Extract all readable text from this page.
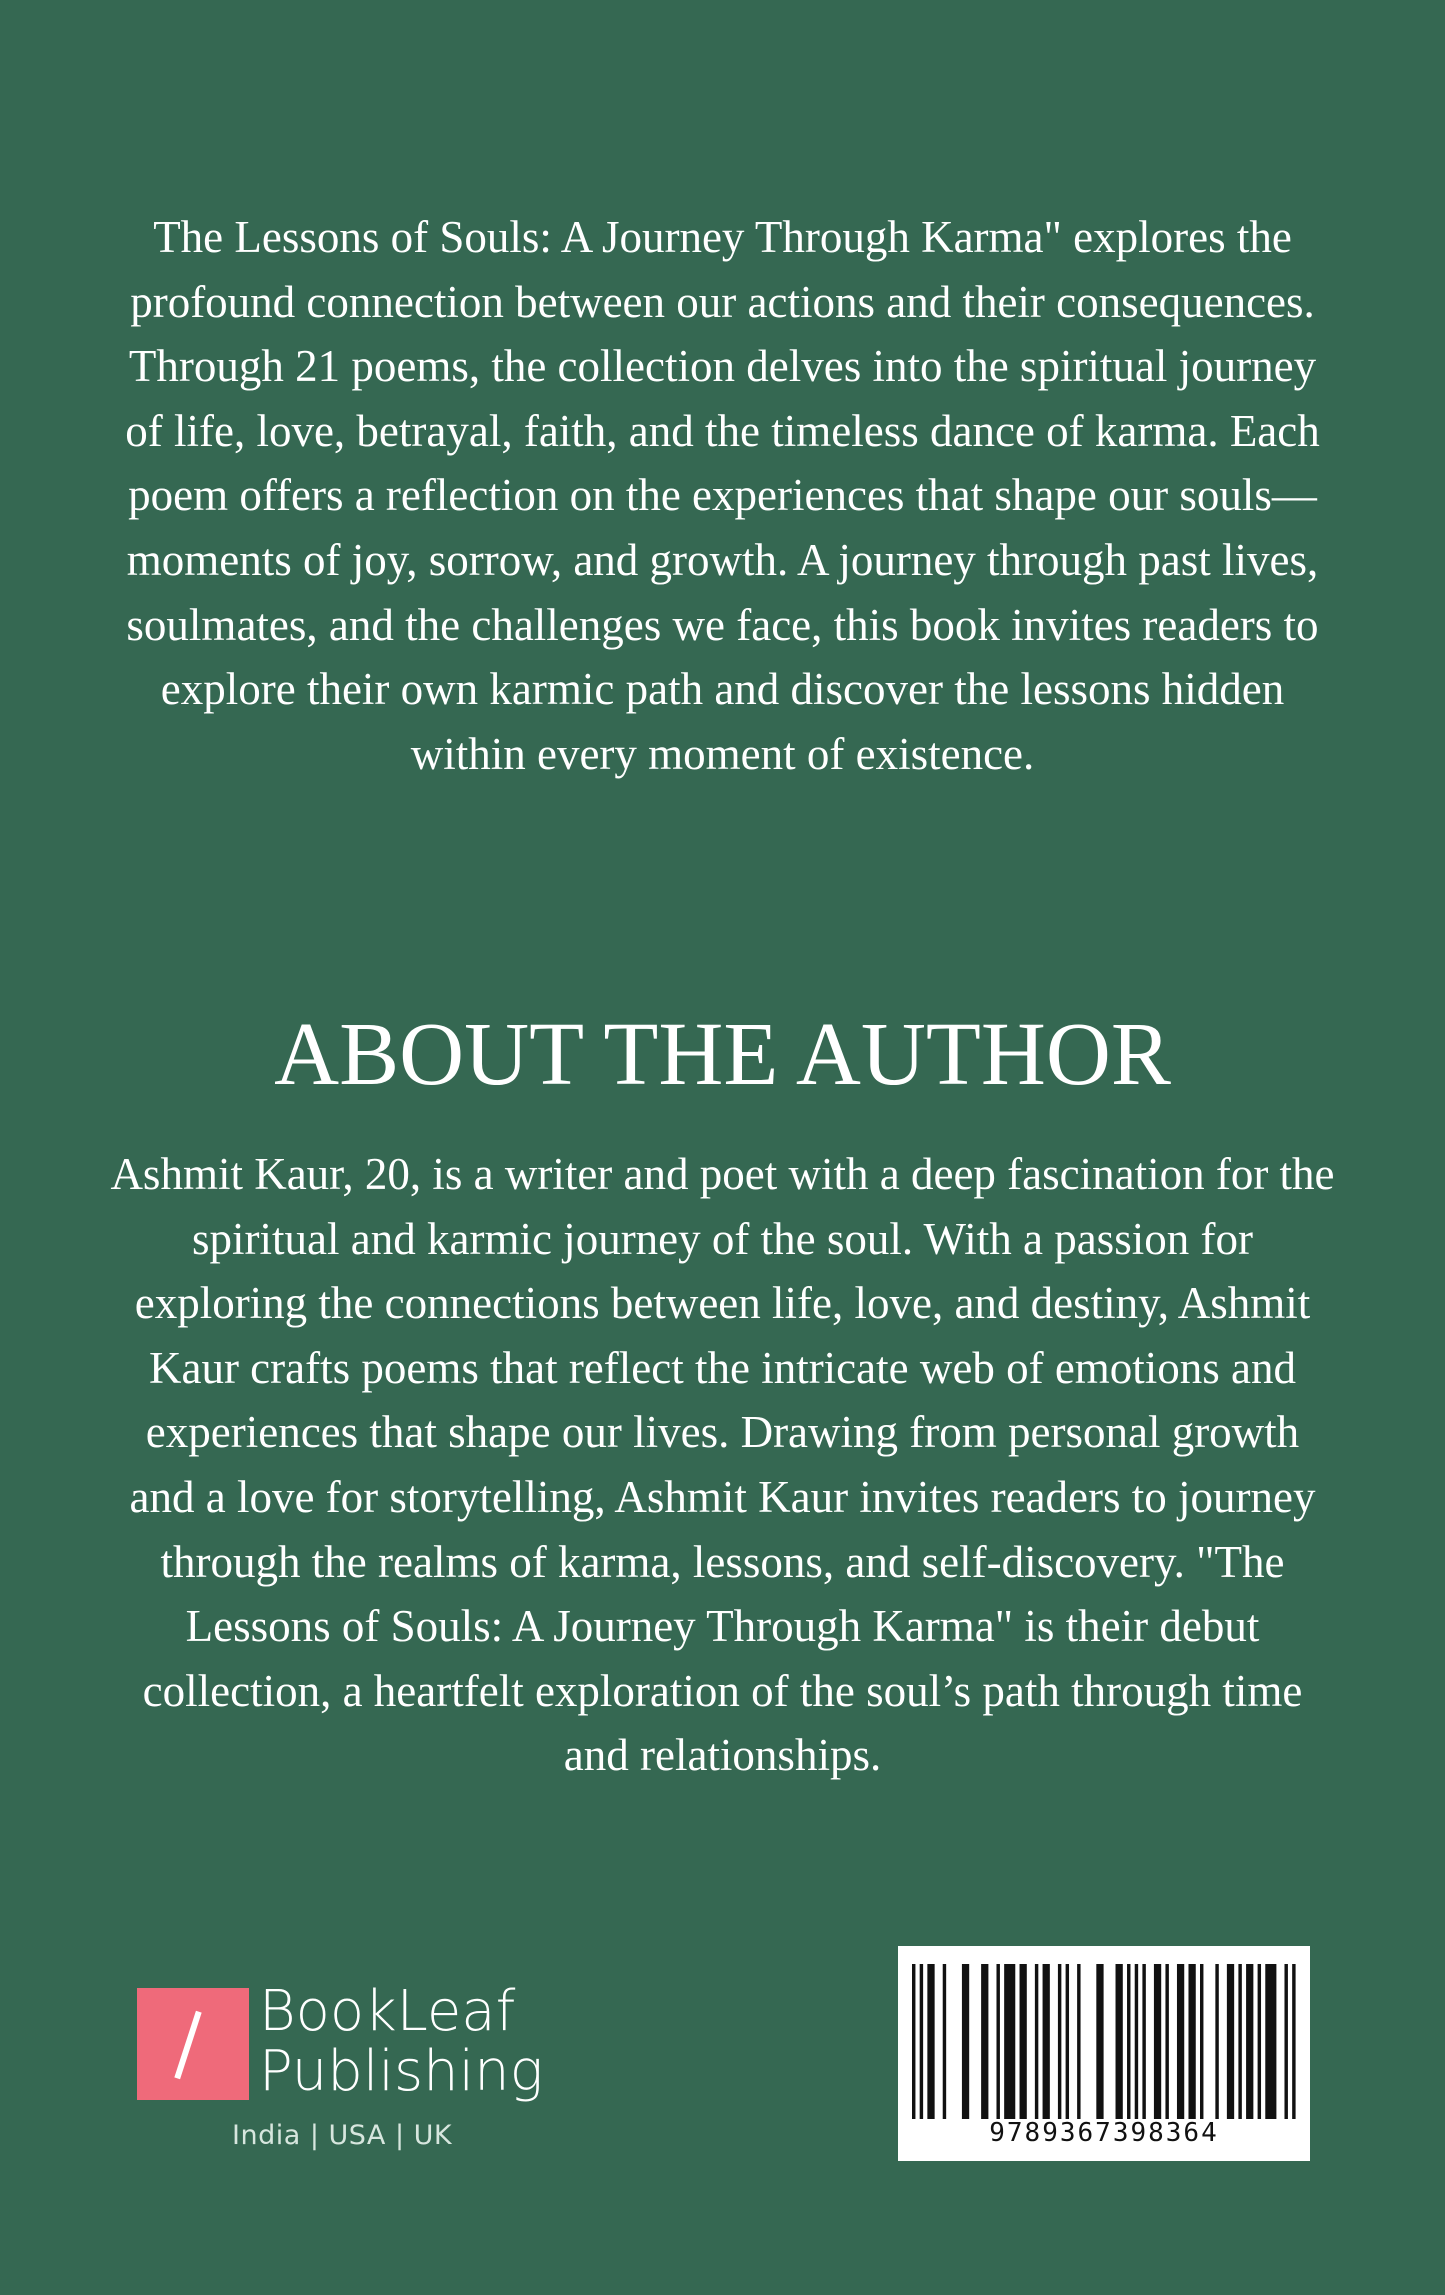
The Lessons of Souls: A Journey Through Karma" explores the profound connection between our actions and their consequences. Through 21 poems, the collection delves into the spiritual journey of life, love, betrayal, faith, and the timeless dance of karma. Each poem offers a reflection on the experiences that shape our souls—moments of joy, sorrow, and growth. A journey through past lives, soulmates, and the challenges we face, this book invites readers to explore their own karmic path and discover the lessons hidden within every moment of existence.

ABOUT THE AUTHOR

Ashmit Kaur, 20, is a writer and poet with a deep fascination for the spiritual and karmic journey of the soul. With a passion for exploring the connections between life, love, and destiny, Ashmit Kaur crafts poems that reflect the intricate web of emotions and experiences that shape our lives. Drawing from personal growth and a love for storytelling, Ashmit Kaur invites readers to journey through the realms of karma, lessons, and self-discovery. "The Lessons of Souls: A Journey Through Karma" is their debut collection, a heartfelt exploration of the soul’s path through time and relationships.

BookLeaf
Publishing
India | USA | UK	9789367398364
